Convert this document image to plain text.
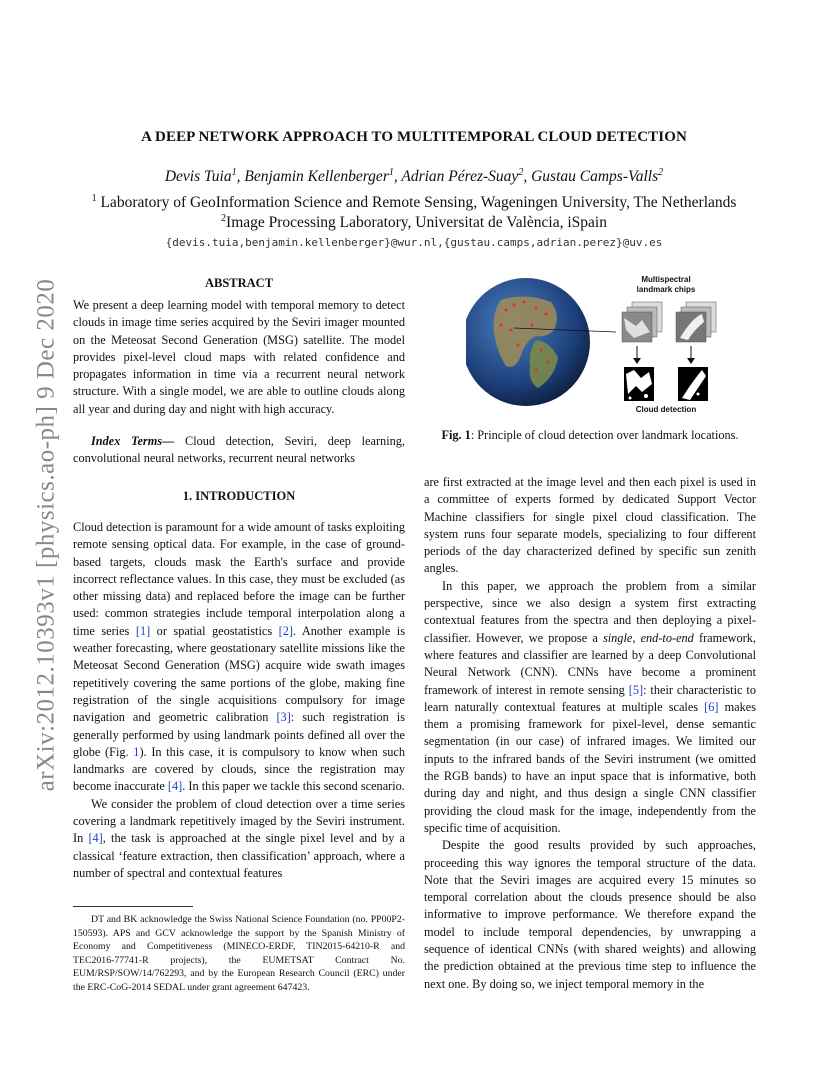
arXiv:2012.10393v1 [physics.ao-ph] 9 Dec 2020
A DEEP NETWORK APPROACH TO MULTITEMPORAL CLOUD DETECTION
Devis Tuia$^1$, Benjamin Kellenberger$^1$, Adrian Pérez-Suay$^2$, Gustau Camps-Valls$^2$
$^1$ Laboratory of GeoInformation Science and Remote Sensing, Wageningen University, The Netherlands
$^2$Image Processing Laboratory, Universitat de València, iSpain
{devis.tuia,benjamin.kellenberger}@wur.nl,{gustau.camps,adrian.perez}@uv.es
ABSTRACT

We present a deep learning model with temporal memory to detect clouds in image time series acquired by the Seviri imager mounted on the Meteosat Second Generation (MSG) satellite. The model provides pixel-level cloud maps with related confidence and propagates information in time via a recurrent neural network structure. With a single model, we are able to outline clouds along all year and during day and night with high accuracy.

Index Terms— Cloud detection, Seviri, deep learning, convolutional neural networks, recurrent neural networks

1. INTRODUCTION

Cloud detection is paramount for a wide amount of tasks exploiting remote sensing optical data. For example, in the case of ground-based targets, clouds mask the Earth's surface and provide incorrect reflectance values. In this case, they must be excluded (as other missing data) and replaced before the image can be further used: common strategies include temporal interpolation along a time series [1] or spatial geostatistics [2]. Another example is weather forecasting, where geostationary satellite missions like the Meteosat Second Generation (MSG) acquire wide swath images repetitively covering the same portions of the globe, making fine registration of the single acquisitions compulsory for image navigation and geometric calibration [3]: such registration is generally performed by using landmark points defined all over the globe (Fig. 1). In this case, it is compulsory to know when such landmarks are covered by clouds, since the registration may become inaccurate [4]. In this paper we tackle this second scenario.

We consider the problem of cloud detection over a time series covering a landmark repetitively imaged by the Seviri instrument. In [4], the task is approached at the single pixel level and by a classical ‘feature extraction, then classification’ approach, where a number of spectral and contextual features

DT and BK acknowledge the Swiss National Science Foundation (no. PP00P2-150593). APS and GCV acknowledge the support by the Spanish Ministry of Economy and Competitiveness (MINECO-ERDF, TIN2015-64210-R and TEC2016-77741-R projects), the EUMETSAT Contract No. EUM/RSP/SOW/14/762293, and by the European Research Council (ERC) under the ERC-CoG-2014 SEDAL under grant agreement 647423.

Multispectral
landmark chips
Cloud detection
Fig. 1: Principle of cloud detection over landmark locations.

are first extracted at the image level and then each pixel is used in a committee of experts formed by dedicated Support Vector Machine classifiers for single pixel cloud classification. The system runs four separate models, specializing to four different periods of the day characterized defined by specific sun zenith angles.

In this paper, we approach the problem from a similar perspective, since we also design a system first extracting contextual features from the spectra and then deploying a pixel-classifier. However, we propose a single, end-to-end framework, where features and classifier are learned by a deep Convolutional Neural Network (CNN). CNNs have become a prominent framework of interest in remote sensing [5]: their characteristic to learn naturally contextual features at multiple scales [6] makes them a promising framework for pixel-level, dense semantic segmentation (in our case) of infrared images. We limited our inputs to the infrared bands of the Seviri instrument (we omitted the RGB bands) to have an input space that is informative, both during day and night, and thus design a single CNN classifier providing the cloud mask for the image, independently from the specific time of acquisition.

Despite the good results provided by such approaches, proceeding this way ignores the temporal structure of the data. Note that the Seviri images are acquired every 15 minutes so temporal correlation about the clouds presence should be also informative to improve performance. We therefore expand the model to include temporal dependencies, by unwrapping a sequence of identical CNNs (with shared weights) and allowing the prediction obtained at the previous time step to influence the next one. By doing so, we inject temporal memory in the
